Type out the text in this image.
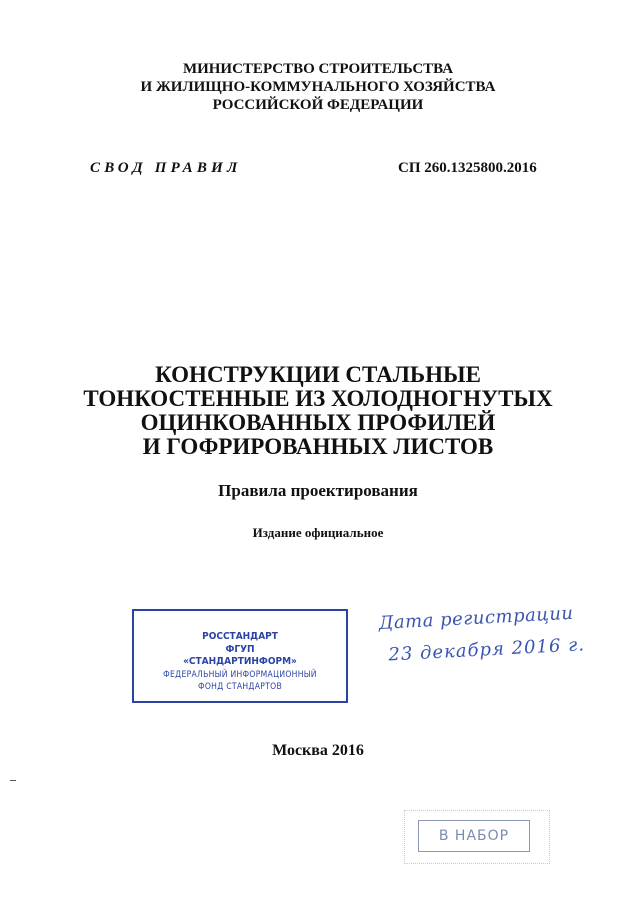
МИНИСТЕРСТВО СТРОИТЕЛЬСТВА
И ЖИЛИЩНО-КОММУНАЛЬНОГО ХОЗЯЙСТВА
РОССИЙСКОЙ ФЕДЕРАЦИИ
СВОД ПРАВИЛ	СП 260.1325800.2016
КОНСТРУКЦИИ СТАЛЬНЫЕ
ТОНКОСТЕННЫЕ ИЗ ХОЛОДНОГНУТЫХ
ОЦИНКОВАННЫХ ПРОФИЛЕЙ
И ГОФРИРОВАННЫХ ЛИСТОВ
Правила проектирования
Издание официальное
РОССТАНДАРТ
ФГУП
«СТАНДАРТИНФОРМ»
ФЕДЕРАЛЬНЫЙ ИНФОРМАЦИОННЫЙ
ФОНД СТАНДАРТОВ
Дата регистрации
23 декабря 2016 г.
Москва 2016
В НАБОР
